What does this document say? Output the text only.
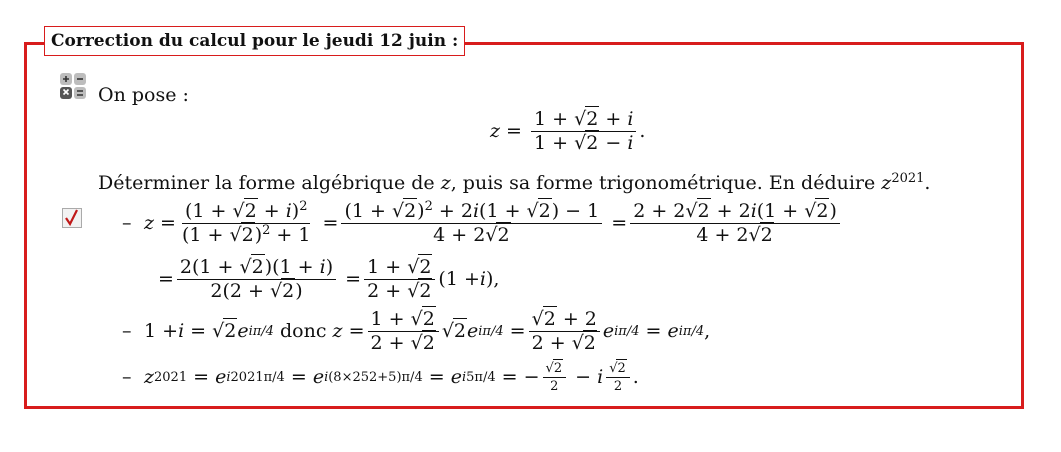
Correction du calcul pour le jeudi 12 juin :
On pose :
$z = \frac{1 + √2 + i}{1 + √2 - i}$ .
Déterminer la forme algébrique de z, puis sa forme trigonométrique. En déduire $z^{2021}$.
– $z = \frac{(1 + √2 + i)^2}{(1 + √2)^2 + 1} = \frac{(1 + √2)^2 + 2i(1 + √2) - 1}{4 + 2√2} = \frac{2 + 2√2 + 2i(1 + √2)}{4 + 2√2}$
= $\frac{2(1 + √2)(1 + i)}{2(2 + √2)} = \frac{1 + √2}{2 + √2} (1 + i$ ),
– 1 + i = √2 e iπ/4
donc
$z = \frac{1 + √2}{2 + √2} √2$ e $i\pi/4 = \frac{√2 + 2}{2 + √2}$ e iπ/4 = e iπ/4 ,
– z 2021 = e i2021π/4 = e i(8×252+5)π/4 = e i5π/4 = − $\frac{√2}{2} - i \frac{√2}{2}$ .
